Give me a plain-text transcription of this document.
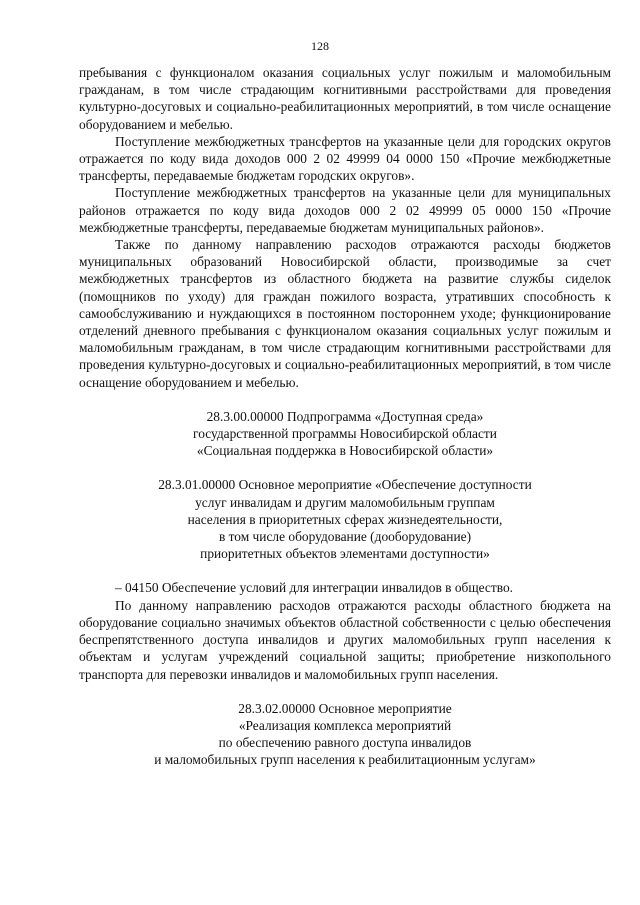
128

пребывания с функционалом оказания социальных услуг пожилым и маломобильным гражданам, в том числе страдающим когнитивными расстройствами для проведения культурно-досуговых и социально-реабилитационных мероприятий, в том числе оснащение оборудованием и мебелью.

Поступление межбюджетных трансфертов на указанные цели для городских округов отражается по коду вида доходов 000 2 02 49999 04 0000 150 «Прочие межбюджетные трансферты, передаваемые бюджетам городских округов».

Поступление межбюджетных трансфертов на указанные цели для муниципальных районов отражается по коду вида доходов 000 2 02 49999 05 0000 150 «Прочие межбюджетные трансферты, передаваемые бюджетам муниципальных районов».

Также по данному направлению расходов отражаются расходы бюджетов муниципальных образований Новосибирской области, производимые за счет межбюджетных трансфертов из областного бюджета на развитие службы сиделок (помощников по уходу) для граждан пожилого возраста, утративших способность к самообслуживанию и нуждающихся в постоянном постороннем уходе; функционирование отделений дневного пребывания с функционалом оказания социальных услуг пожилым и маломобильным гражданам, в том числе страдающим когнитивными расстройствами для проведения культурно-досуговых и социально-реабилитационных мероприятий, в том числе оснащение оборудованием и мебелью.

28.3.00.00000 Подпрограмма «Доступная среда»
государственной программы Новосибирской области
«Социальная поддержка в Новосибирской области»
28.3.01.00000 Основное мероприятие «Обеспечение доступности
услуг инвалидам и другим маломобильным группам
населения в приоритетных сферах жизнедеятельности,
в том числе оборудование (дооборудование)
приоритетных объектов элементами доступности»

– 04150 Обеспечение условий для интеграции инвалидов в общество.

По данному направлению расходов отражаются расходы областного бюджета на оборудование социально значимых объектов областной собственности с целью обеспечения беспрепятственного доступа инвалидов и других маломобильных групп населения к объектам и услугам учреждений социальной защиты; приобретение низкопольного транспорта для перевозки инвалидов и маломобильных групп населения.

28.3.02.00000 Основное мероприятие
«Реализация комплекса мероприятий
по обеспечению равного доступа инвалидов
и маломобильных групп населения к реабилитационным услугам»
